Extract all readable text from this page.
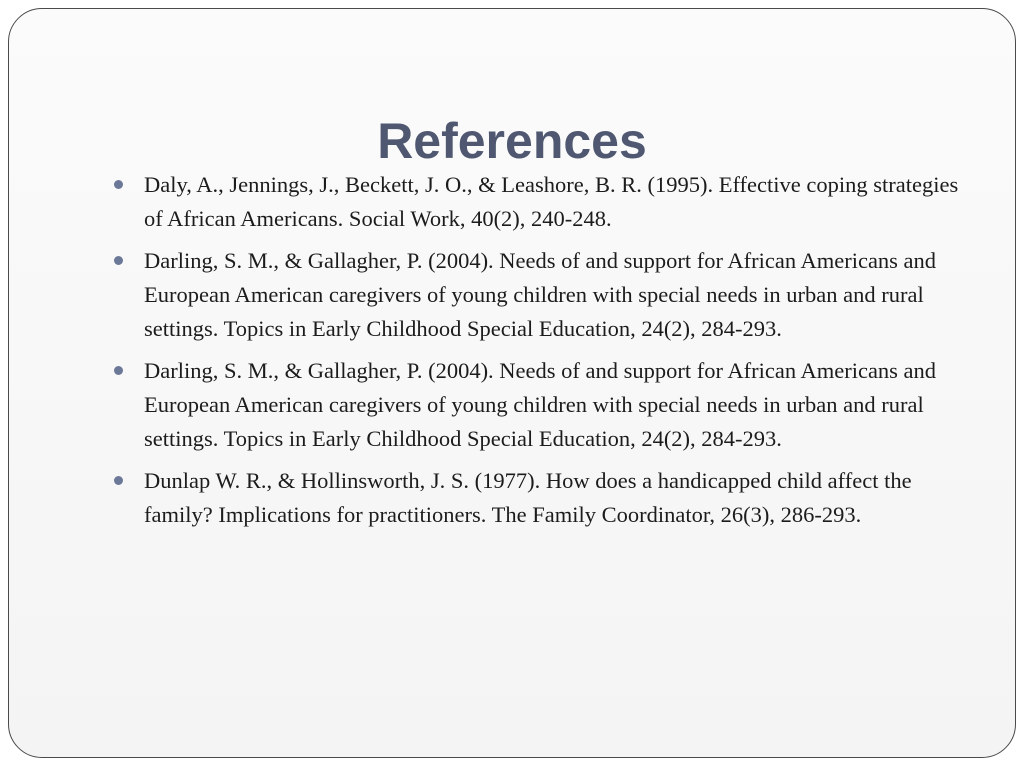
References
Daly, A., Jennings, J., Beckett, J. O., & Leashore, B. R. (1995). Effective coping strategies of African Americans. Social Work, 40(2), 240-248.
Darling, S. M., & Gallagher, P. (2004). Needs of and support for African Americans and European American caregivers of young children with special needs in urban and rural settings. Topics in Early Childhood Special Education, 24(2), 284-293.
Darling, S. M., & Gallagher, P. (2004). Needs of and support for African Americans and European American caregivers of young children with special needs in urban and rural settings. Topics in Early Childhood Special Education, 24(2), 284-293.
Dunlap W. R., & Hollinsworth, J. S. (1977). How does a handicapped child affect the family? Implications for practitioners. The Family Coordinator, 26(3), 286-293.
